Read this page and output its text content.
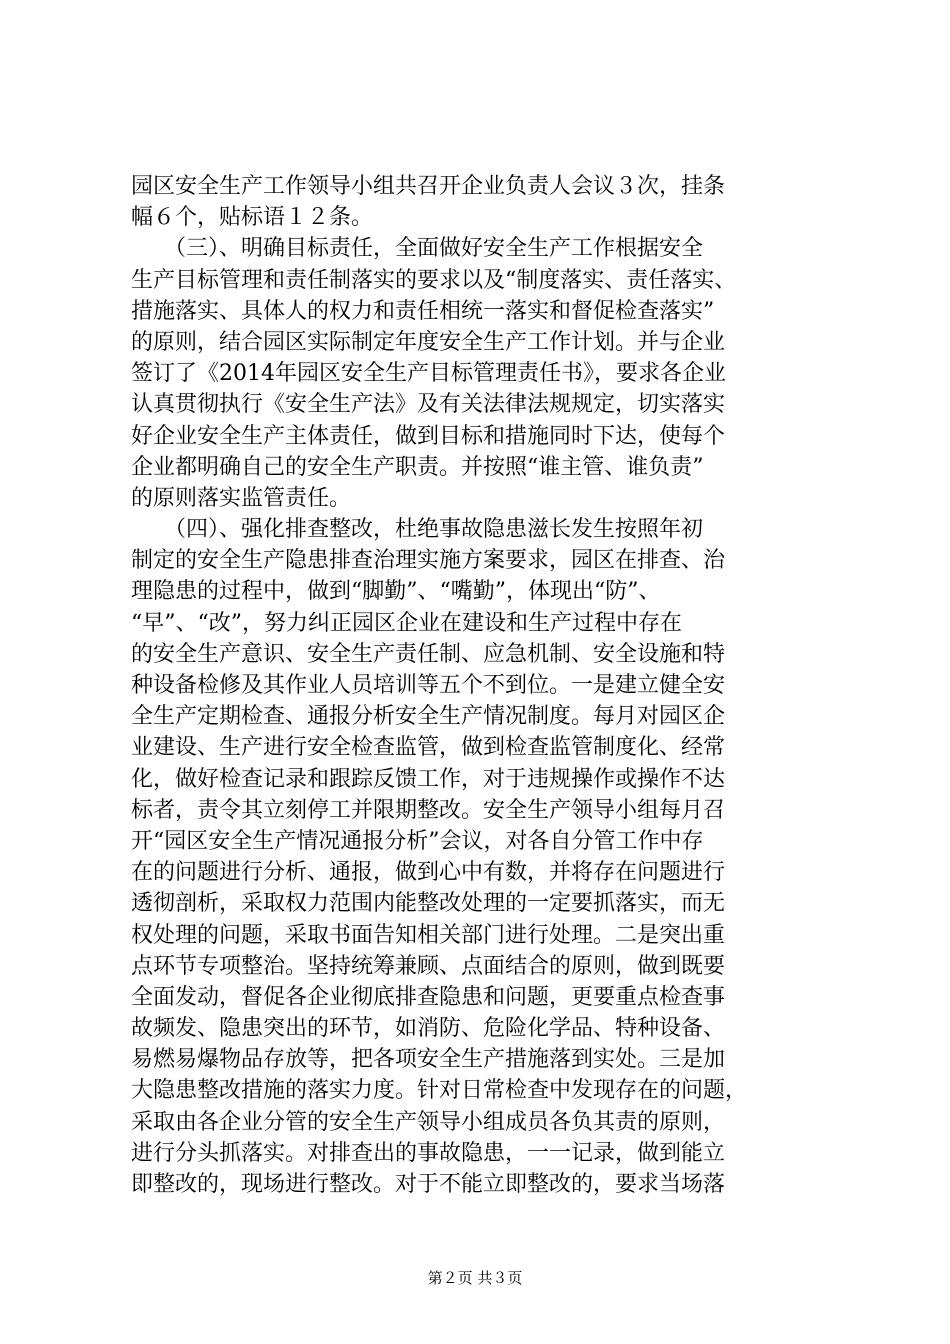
园区安全生产工作领导小组共召开企业负责人会议３次，挂条
幅６个，贴标语１２条。
　　（三）、明确目标责任，全面做好安全生产工作根据安全
生产目标管理和责任制落实的要求以及“制度落实、责任落实、
措施落实、具体人的权力和责任相统一落实和督促检查落实”
的原则，结合园区实际制定年度安全生产工作计划。并与企业
签订了《2014年园区安全生产目标管理责任书》，要求各企业
认真贯彻执行《安全生产法》及有关法律法规规定，切实落实
好企业安全生产主体责任，做到目标和措施同时下达，使每个
企业都明确自己的安全生产职责。并按照“谁主管、谁负责”
的原则落实监管责任。
　　（四）、强化排查整改，杜绝事故隐患滋长发生按照年初
制定的安全生产隐患排查治理实施方案要求，园区在排查、治
理隐患的过程中，做到“脚勤”、“嘴勤”，体现出“防”、
“早”、“改”，努力纠正园区企业在建设和生产过程中存在
的安全生产意识、安全生产责任制、应急机制、安全设施和特
种设备检修及其作业人员培训等五个不到位。一是建立健全安
全生产定期检查、通报分析安全生产情况制度。每月对园区企
业建设、生产进行安全检查监管，做到检查监管制度化、经常
化，做好检查记录和跟踪反馈工作，对于违规操作或操作不达
标者，责令其立刻停工并限期整改。安全生产领导小组每月召
开“园区安全生产情况通报分析”会议，对各自分管工作中存
在的问题进行分析、通报，做到心中有数，并将存在问题进行
透彻剖析，采取权力范围内能整改处理的一定要抓落实，而无
权处理的问题，采取书面告知相关部门进行处理。二是突出重
点环节专项整治。坚持统筹兼顾、点面结合的原则，做到既要
全面发动，督促各企业彻底排查隐患和问题，更要重点检查事
故频发、隐患突出的环节，如消防、危险化学品、特种设备、
易燃易爆物品存放等，把各项安全生产措施落到实处。三是加
大隐患整改措施的落实力度。针对日常检查中发现存在的问题，
采取由各企业分管的安全生产领导小组成员各负其责的原则，
进行分头抓落实。对排查出的事故隐患，一一记录，做到能立
即整改的，现场进行整改。对于不能立即整改的，要求当场落
第２页 共３页
